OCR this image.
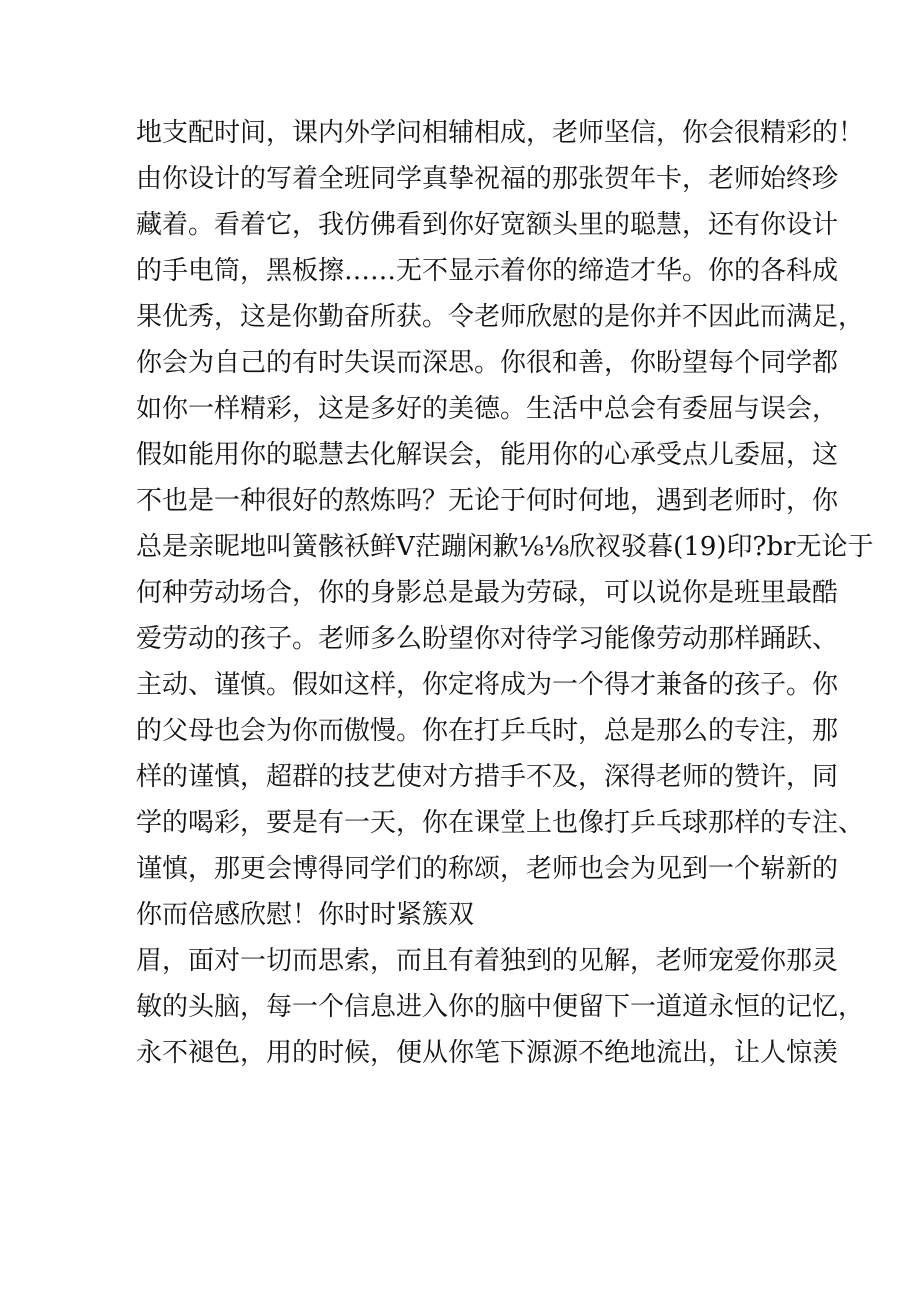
地支配时间，课内外学问相辅相成，老师坚信，你会很精彩的！
由你设计的写着全班同学真挚祝福的那张贺年卡，老师始终珍
藏着。看着它，我仿佛看到你好宽额头里的聪慧，还有你设计
的手电筒，黑板擦……无不显示着你的缔造才华。你的各科成
果优秀，这是你勤奋所获。令老师欣慰的是你并不因此而满足，
你会为自己的有时失误而深思。你很和善，你盼望每个同学都
如你一样精彩，这是多好的美德。生活中总会有委屈与误会，
假如能用你的聪慧去化解误会，能用你的心承受点儿委屈，这
不也是一种很好的熬炼吗？无论于何时何地，遇到老师时，你
总是亲昵地叫簧骸袄鲜V茫蹦闲歉⅛⅛欣衩驳暮(19)印?br无论于
何种劳动场合，你的身影总是最为劳碌，可以说你是班里最酷
爱劳动的孩子。老师多么盼望你对待学习能像劳动那样踊跃、
主动、谨慎。假如这样，你定将成为一个得才兼备的孩子。你
的父母也会为你而傲慢。你在打乒乓时，总是那么的专注，那
样的谨慎，超群的技艺使对方措手不及，深得老师的赞许，同
学的喝彩，要是有一天，你在课堂上也像打乒乓球那样的专注、
谨慎，那更会博得同学们的称颂，老师也会为见到一个崭新的
你而倍感欣慰！你时时紧簇双
眉，面对一切而思索，而且有着独到的见解，老师宠爱你那灵
敏的头脑，每一个信息进入你的脑中便留下一道道永恒的记忆，
永不褪色，用的时候，便从你笔下源源不绝地流出，让人惊羡
